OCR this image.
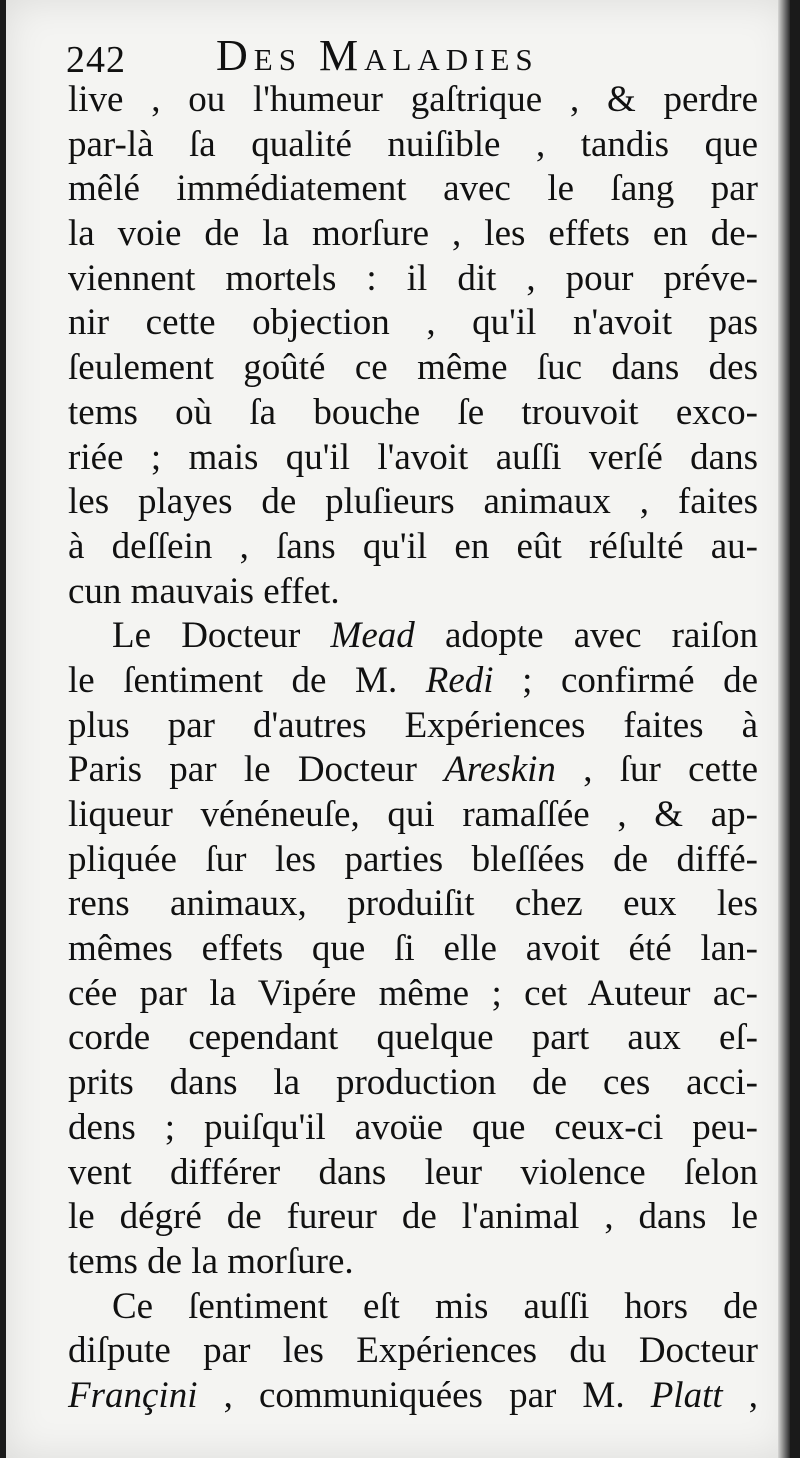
242 Des Maladies
live , ou l'humeur gaſtrique , & perdre
par-là ſa qualité nuiſible , tandis que
mêlé immédiatement avec le ſang par
la voie de la morſure , les effets en de-
viennent mortels : il dit , pour préve-
nir cette objection , qu'il n'avoit pas
ſeulement goûté ce même ſuc dans des
tems où ſa bouche ſe trouvoit exco-
riée ; mais qu'il l'avoit auſſi verſé dans
les playes de pluſieurs animaux , faites
à deſſein , ſans qu'il en eût réſulté au-
cun mauvais effet.
Le Docteur Mead adopte avec raiſon
le ſentiment de M. Redi ; confirmé de
plus par d'autres Expériences faites à
Paris par le Docteur Areskin , ſur cette
liqueur vénéneuſe, qui ramaſſée , & ap-
pliquée ſur les parties bleſſées de diffé-
rens animaux, produiſit chez eux les
mêmes effets que ſi elle avoit été lan-
cée par la Vipére même ; cet Auteur ac-
corde cependant quelque part aux eſ-
prits dans la production de ces acci-
dens ; puiſqu'il avoüe que ceux-ci peu-
vent différer dans leur violence ſelon
le dégré de fureur de l'animal , dans le
tems de la morſure.
Ce ſentiment eſt mis auſſi hors de
diſpute par les Expériences du Docteur
Françini , communiquées par M. Platt ,
